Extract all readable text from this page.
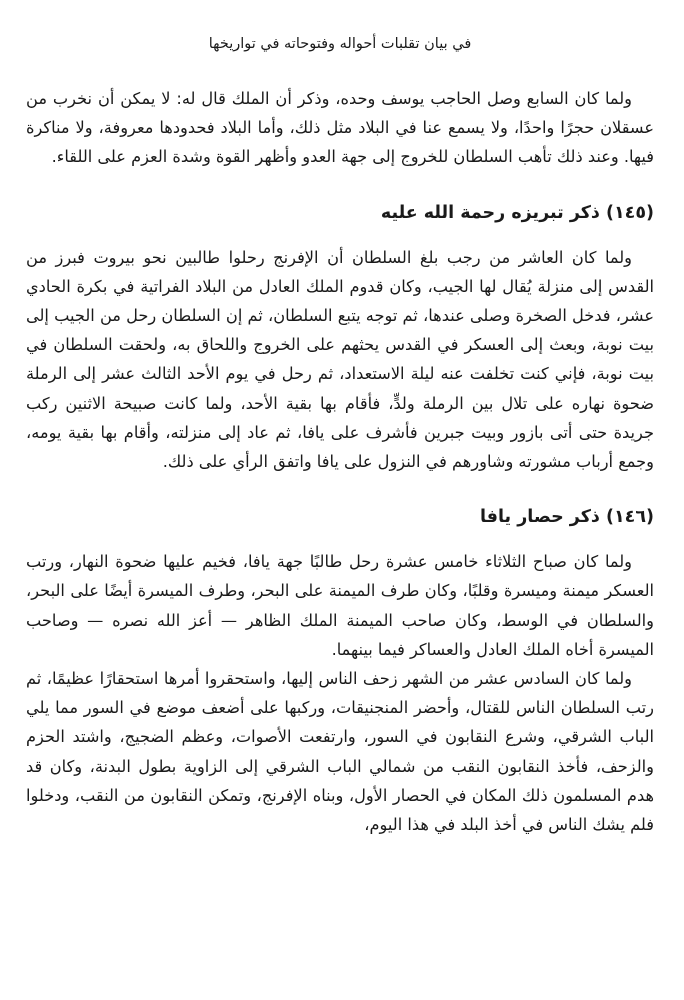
في بيان تقلبات أحواله وفتوحاته في تواريخها

ولما كان السابع وصل الحاجب يوسف وحده، وذكر أن الملك قال له: لا يمكن أن نخرب من عسقلان حجرًا واحدًا، ولا يسمع عنا في البلاد مثل ذلك، وأما البلاد فحدودها معروفة، ولا مناكرة فيها. وعند ذلك تأهب السلطان للخروج إلى جهة العدو وأظهر القوة وشدة العزم على اللقاء.

(١٤٥) ذكر تبريزه رحمة الله عليه

ولما كان العاشر من رجب بلغ السلطان أن الإفرنج رحلوا طالبين نحو بيروت فبرز من القدس إلى منزلة يُقال لها الجيب، وكان قدوم الملك العادل من البلاد الفراتية في بكرة الحادي عشر، فدخل الصخرة وصلى عندها، ثم توجه يتبع السلطان، ثم إن السلطان رحل من الجيب إلى بيت نوبة، وبعث إلى العسكر في القدس يحثهم على الخروج واللحاق به، ولحقت السلطان في بيت نوبة، فإني كنت تخلفت عنه ليلة الاستعداد، ثم رحل في يوم الأحد الثالث عشر إلى الرملة ضحوة نهاره على تلال بين الرملة ولدٍّ، فأقام بها بقية الأحد، ولما كانت صبيحة الاثنين ركب جريدة حتى أتى بازور وبيت جبرين فأشرف على يافا، ثم عاد إلى منزلته، وأقام بها بقية يومه، وجمع أرباب مشورته وشاورهم في النزول على يافا واتفق الرأي على ذلك.

(١٤٦) ذكر حصار يافا

ولما كان صباح الثلاثاء خامس عشرة رحل طالبًا جهة يافا، فخيم عليها ضحوة النهار، ورتب العسكر ميمنة وميسرة وقلبًا، وكان طرف الميمنة على البحر، وطرف الميسرة أيضًا على البحر، والسلطان في الوسط، وكان صاحب الميمنة الملك الظاهر — أعز الله نصره — وصاحب الميسرة أخاه الملك العادل والعساكر فيما بينهما.

ولما كان السادس عشر من الشهر زحف الناس إليها، واستحقروا أمرها استحقارًا عظيمًا، ثم رتب السلطان الناس للقتال، وأحضر المنجنيقات، وركبها على أضعف موضع في السور مما يلي الباب الشرقي، وشرع النقابون في السور، وارتفعت الأصوات، وعظم الضجيج، واشتد الحزم والزحف، فأخذ النقابون النقب من شمالي الباب الشرقي إلى الزاوية بطول البدنة، وكان قد هدم المسلمون ذلك المكان في الحصار الأول، وبناه الإفرنج، وتمكن النقابون من النقب، ودخلوا فلم يشك الناس في أخذ البلد في هذا اليوم،
